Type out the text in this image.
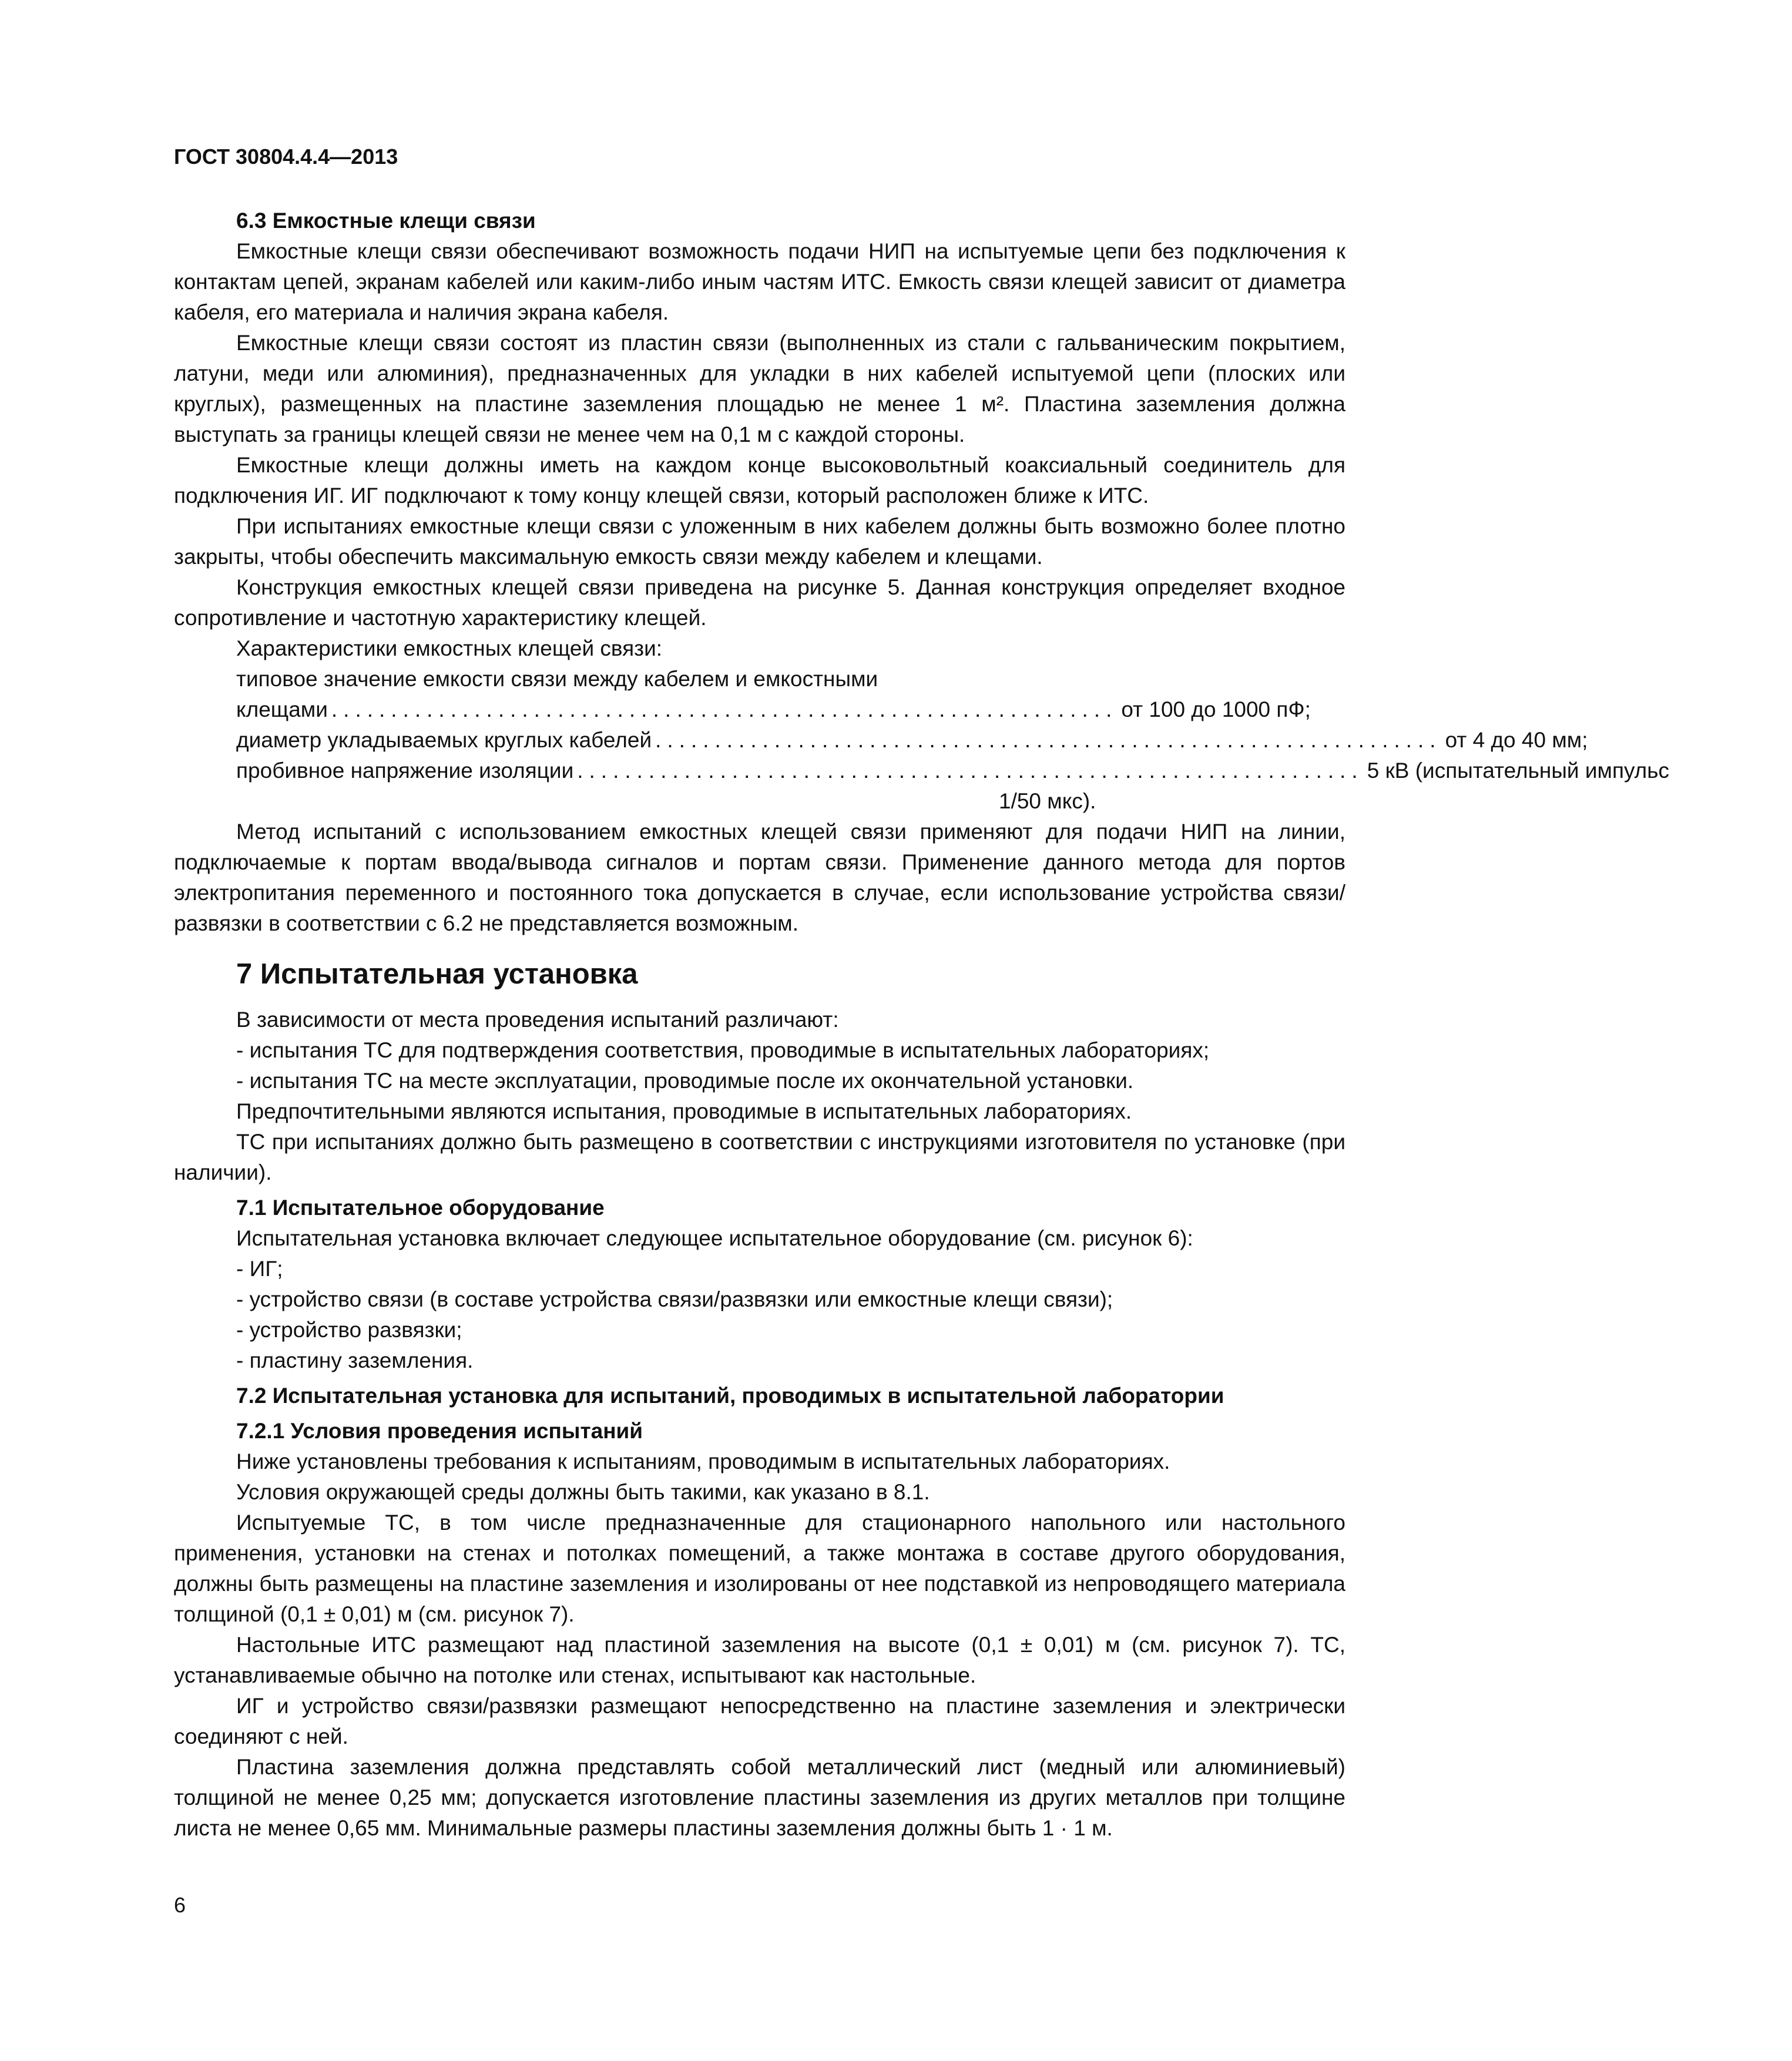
ГОСТ 30804.4.4—2013
6.3 Емкостные клещи связи

Емкостные клещи связи обеспечивают возможность подачи НИП на испытуемые цепи без подключения к контактам цепей, экранам кабелей или каким-либо иным частям ИТС. Емкость связи клещей зависит от диаметра кабеля, его материала и наличия экрана кабеля.

Емкостные клещи связи состоят из пластин связи (выполненных из стали с гальваническим покрытием, латуни, меди или алюминия), предназначенных для укладки в них кабелей испытуемой цепи (плоских или круглых), размещенных на пластине заземления площадью не менее 1 м². Пластина заземления должна выступать за границы клещей связи не менее чем на 0,1 м с каждой стороны.

Емкостные клещи должны иметь на каждом конце высоковольтный коаксиальный соединитель для подключения ИГ. ИГ подключают к тому концу клещей связи, который расположен ближе к ИТС.

При испытаниях емкостные клещи связи с уложенным в них кабелем должны быть возможно более плотно закрыты, чтобы обеспечить максимальную емкость связи между кабелем и клещами.

Конструкция емкостных клещей связи приведена на рисунке 5. Данная конструкция определяет входное сопротивление и частотную характеристику клещей.

Характеристики емкостных клещей связи:

типовое значение емкости связи между кабелем и емкостными

клещами .................................................................. от 100 до 1000 пФ;
диаметр укладываемых круглых кабелей .................................................................. от 4 до 40 мм;
пробивное напряжение изоляции .................................................................. 5 кВ (испытательный импульс
1/50 мкс).

Метод испытаний с использованием емкостных клещей связи применяют для подачи НИП на линии, подключаемые к портам ввода/вывода сигналов и портам связи. Применение данного метода для портов электропитания переменного и постоянного тока допускается в случае, если использование устройства связи/ развязки в соответствии с 6.2 не представляется возможным.

7 Испытательная установка

В зависимости от места проведения испытаний различают:

- испытания ТС для подтверждения соответствия, проводимые в испытательных лабораториях;

- испытания ТС на месте эксплуатации, проводимые после их окончательной установки.

Предпочтительными являются испытания, проводимые в испытательных лабораториях.

ТС при испытаниях должно быть размещено в соответствии с инструкциями изготовителя по установке (при наличии).

7.1 Испытательное оборудование

Испытательная установка включает следующее испытательное оборудование (см. рисунок 6):

- ИГ;

- устройство связи (в составе устройства связи/развязки или емкостные клещи связи);

- устройство развязки;

- пластину заземления.

7.2 Испытательная установка для испытаний, проводимых в испытательной лаборатории
7.2.1 Условия проведения испытаний

Ниже установлены требования к испытаниям, проводимым в испытательных лабораториях.

Условия окружающей среды должны быть такими, как указано в 8.1.

Испытуемые ТС, в том числе предназначенные для стационарного напольного или настольного применения, установки на стенах и потолках помещений, а также монтажа в составе другого оборудования, должны быть размещены на пластине заземления и изолированы от нее подставкой из непроводящего материала толщиной (0,1 ± 0,01) м (см. рисунок 7).

Настольные ИТС размещают над пластиной заземления на высоте (0,1 ± 0,01) м (см. рисунок 7). ТС, устанавливаемые обычно на потолке или стенах, испытывают как настольные.

ИГ и устройство связи/развязки размещают непосредственно на пластине заземления и электрически соединяют с ней.

Пластина заземления должна представлять собой металлический лист (медный или алюминиевый) толщиной не менее 0,25 мм; допускается изготовление пластины заземления из других металлов при толщине листа не менее 0,65 мм. Минимальные размеры пластины заземления должны быть 1 · 1 м.

6
